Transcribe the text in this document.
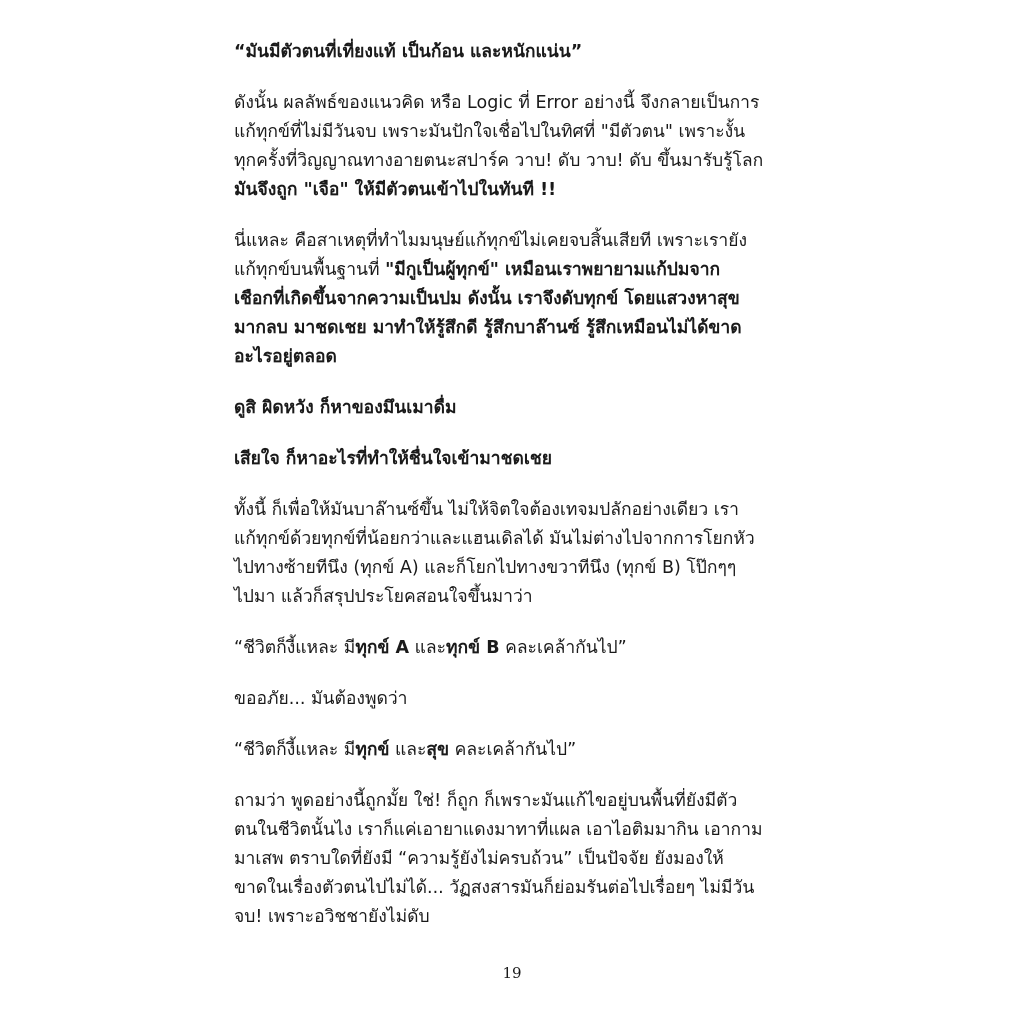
“มันมีตัวตนที่เที่ยงแท้ เป็นก้อน และหนักแน่น”

ดังนั้น ผลลัพธ์ของแนวคิด หรือ Logic ที่ Error อย่างนี้ จึงกลายเป็นการ
แก้ทุกข์ที่ไม่มีวันจบ เพราะมันปักใจเชื่อไปในทิศที่ "มีตัวตน" เพราะงั้น
ทุกครั้งที่วิญญาณทางอายตนะสปาร์ค วาบ! ดับ วาบ! ดับ ขึ้นมารับรู้โลก
มันจึงถูก "เจือ" ให้มีตัวตนเข้าไปในทันที !!

นี่แหละ คือสาเหตุที่ทำไมมนุษย์แก้ทุกข์ไม่เคยจบสิ้นเสียที เพราะเรายัง
แก้ทุกข์บนพื้นฐานที่ "มีกูเป็นผู้ทุกข์" เหมือนเราพยายามแก้ปมจาก
เชือกที่เกิดขึ้นจากความเป็นปม ดังนั้น เราจึงดับทุกข์ โดยแสวงหาสุข
มากลบ มาชดเชย มาทำให้รู้สึกดี รู้สึกบาล๊านซ์ รู้สึกเหมือนไม่ได้ขาด
อะไรอยู่ตลอด

ดูสิ ผิดหวัง ก็หาของมึนเมาดื่ม

เสียใจ ก็หาอะไรที่ทำให้ชื่นใจเข้ามาชดเชย

ทั้งนี้ ก็เพื่อให้มันบาล๊านซ์ขึ้น ไม่ให้จิตใจต้องเทจมปลักอย่างเดียว เรา
แก้ทุกข์ด้วยทุกข์ที่น้อยกว่าและแฮนเดิลได้ มันไม่ต่างไปจากการโยกหัว
ไปทางซ้ายทีนึง (ทุกข์ A) และก็โยกไปทางขวาทีนึง (ทุกข์ B) โป๊กๆๆ
ไปมา แล้วก็สรุปประโยคสอนใจขึ้นมาว่า

“ชีวิตก็งี้แหละ มีทุกข์ A และทุกข์ B คละเคล้ากันไป”

ขออภัย... มันต้องพูดว่า

“ชีวิตก็งี้แหละ มีทุกข์ และสุข คละเคล้ากันไป”

ถามว่า พูดอย่างนี้ถูกมั้ย ใช่! ก็ถูก ก็เพราะมันแก้ไขอยู่บนพื้นที่ยังมีตัว
ตนในชีวิตนั้นไง เราก็แค่เอายาแดงมาทาที่แผล เอาไอติมมากิน เอากาม
มาเสพ ตราบใดที่ยังมี “ความรู้ยังไม่ครบถ้วน” เป็นปัจจัย ยังมองให้
ขาดในเรื่องตัวตนไปไม่ได้... วัฏสงสารมันก็ย่อมรันต่อไปเรื่อยๆ ไม่มีวัน
จบ! เพราะอวิชชายังไม่ดับ

19
